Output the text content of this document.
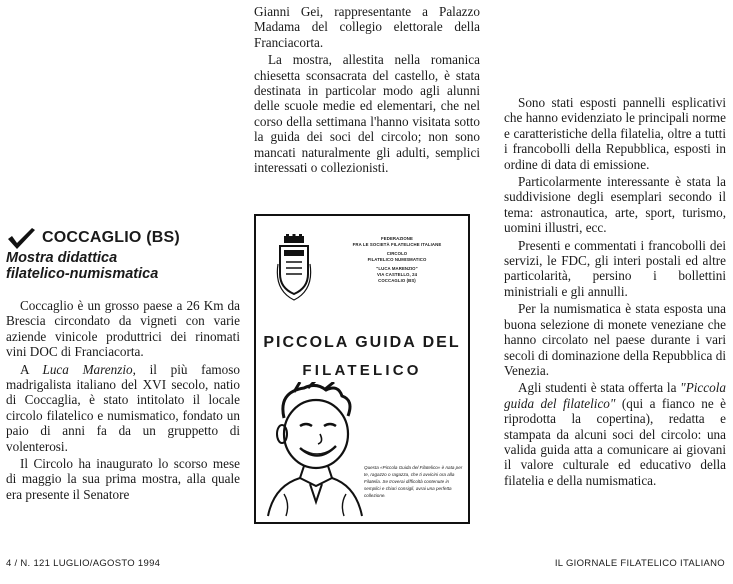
Gianni Gei, rappresentante a Palazzo Madama del collegio elettorale della Franciacorta.

La mostra, allestita nella romanica chiesetta sconsacrata del castello, è stata destinata in particolar modo agli alunni delle scuole medie ed elementari, che nel corso della settimana l'hanno visitata sotto la guida dei soci del circolo; non sono mancati naturalmente gli adulti, semplici interessati o collezionisti.

Sono stati esposti pannelli esplicativi che hanno evidenziato le principali norme e caratteristiche della filatelia, oltre a tutti i francobolli della Repubblica, esposti in ordine di data di emissione.

Particolarmente interessante è stata la suddivisione degli esemplari secondo il tema: astronautica, arte, sport, turismo, uomini illustri, ecc.

Presenti e commentati i francobolli dei servizi, le FDC, gli interi postali ed altre particolarità, persino i bollettini ministriali e gli annulli.

Per la numismatica è stata esposta una buona selezione di monete veneziane che hanno circolato nel paese durante i vari secoli di dominazione della Repubblica di Venezia.

Agli studenti è stata offerta la "Piccola guida del filatelico" (qui a fianco ne è riprodotta la copertina), redatta e stampata da alcuni soci del circolo: una valida guida atta a comunicare ai giovani il valore culturale ed educativo della filatelia e della numismatica.

COCCAGLIO (BS)
Mostra didattica
filatelico-numismatica

Coccaglio è un grosso paese a 26 Km da Brescia circondato da vigneti con varie aziende vinicole produttrici dei rinomati vini DOC di Franciacorta.

A Luca Marenzio, il più famoso madrigalista italiano del XVI secolo, natio di Coccaglia, è stato intitolato il locale circolo filatelico e numismatico, fondato un paio di anni fa da un gruppetto di volenterosi.

Il Circolo ha inaugurato lo scorso mese di maggio la sua prima mostra, alla quale era presente il Senatore

FEDERAZIONE
FRA LE SOCIETÀ FILATELICHE ITALIANE
CIRCOLO
FILATELICO NUMISMATICO
"LUCA MARENZIO"
VIA CASTELLO, 24
COCCAGLIO (BS)
PICCOLA GUIDA DEL
FILATELICO
Questa «Piccola Guida del Filatelico» è nata per te, ragazzo o ragazza, che ti avvicini ora alla Filatelia. Se troverai difficoltà contenute in semplici e chiari consigli, avrai una perfetta collezione.
4 / N. 121 LUGLIO/AGOSTO 1994	IL GIORNALE FILATELICO ITALIANO
